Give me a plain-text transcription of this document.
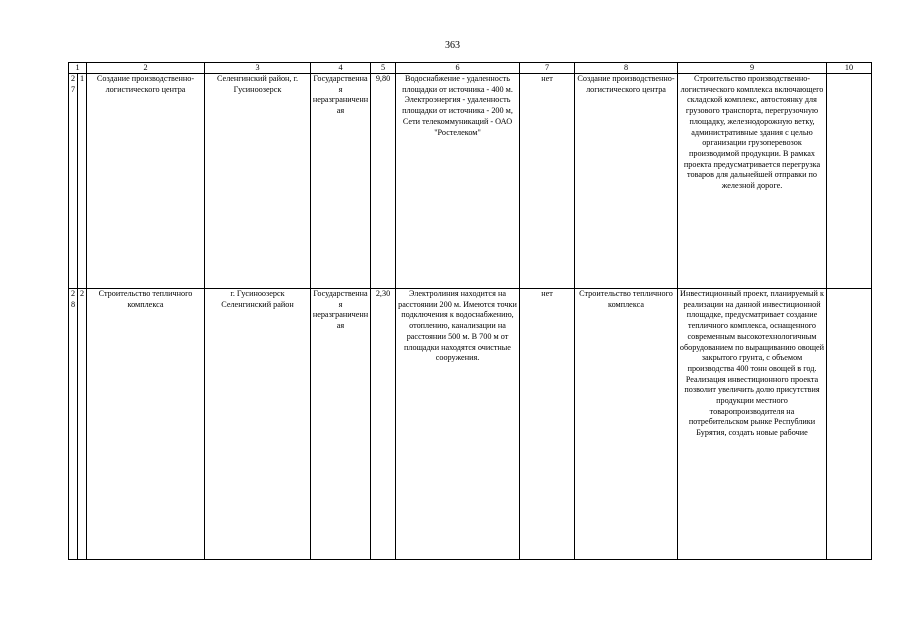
363
1		2	3	4	5	6	7	8	9	10
2 7	1	Создание производственно-логистического центра	Селенгинский район, г. Гусиноозерск	Государственная неразграниченная	9,80	Водоснабжение - удаленность площадки от источника - 400 м. Электроэнергия - удаленность площадки от источника - 200 м, Сети телекоммуникаций - ОАО "Ростелеком"	нет	Создание производственно-логистического центра	Строительство производственно-логистического комплекса включающего складской комплекс, автостоянку для грузового транспорта, перегрузочную площадку, железнодорожную ветку, административные здания с целью организации грузоперевозок производимой продукции. В рамках проекта предусматривается перегрузка товаров для дальнейшей отправки по железной дороге.	
2 8	2	Строительство тепличного комплекса	г. Гусиноозерск Селенгинский район	Государственная неразграниченная	2,30	Электролиния находится на расстоянии 200 м. Имеются точки подключения к водоснабжению, отоплению, канализации на расстоянии 500 м. В 700 м от площадки находятся очистные сооружения.	нет	Строительство тепличного комплекса	Инвестиционный проект, планируемый к реализации на данной инвестиционной площадке, предусматривает создание тепличного комплекса, оснащенного современным высокотехнологичным оборудованием по выращиванию овощей закрытого грунта, с объемом производства 400 тонн овощей в год. Реализация инвестиционного проекта позволит увеличить долю присутствия продукции местного товаропроизводителя на потребительском рынке Республики Бурятия, создать новые рабочие	
